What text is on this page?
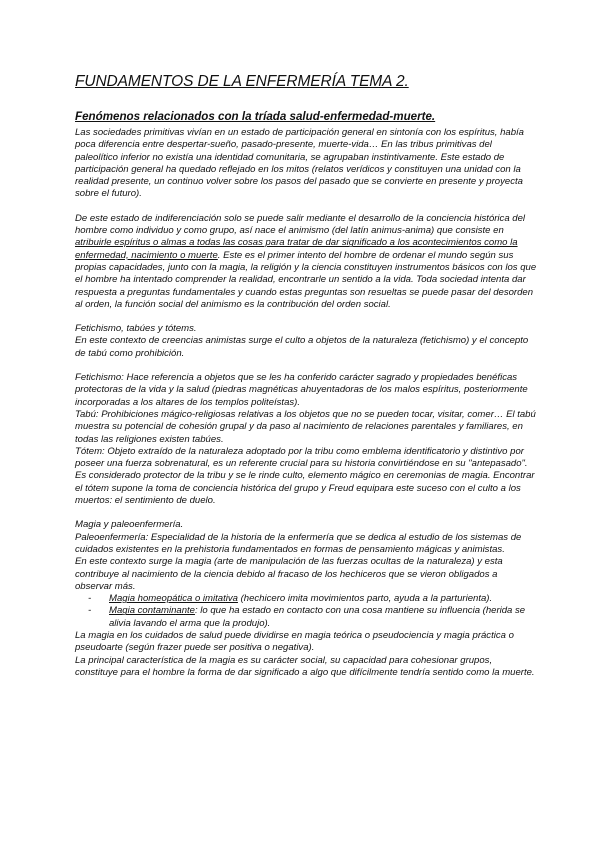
FUNDAMENTOS DE LA ENFERMERÍA TEMA 2.
Fenómenos relacionados con la tríada salud-enfermedad-muerte.

Las sociedades primitivas vivían en un estado de participación general en sintonía con los espíritus, había poca diferencia entre despertar-sueño, pasado-presente, muerte-vida… En las tribus primitivas del paleolítico inferior no existía una identidad comunitaria, se agrupaban instintivamente. Este estado de participación general ha quedado reflejado en los mitos (relatos verídicos y constituyen una unidad con la realidad presente, un continuo volver sobre los pasos del pasado que se convierte en presente y proyecta sobre el futuro).

De este estado de indiferenciación solo se puede salir mediante el desarrollo de la conciencia histórica del hombre como individuo y como grupo, así nace el animismo (del latín animus-anima) que consiste en atribuirle espíritus o almas a todas las cosas para tratar de dar significado a los acontecimientos como la enfermedad, nacimiento o muerte. Este es el primer intento del hombre de ordenar el mundo según sus propias capacidades, junto con la magia, la religión y la ciencia constituyen instrumentos básicos con los que el hombre ha intentado comprender la realidad, encontrarle un sentido a la vida. Toda sociedad intenta dar respuesta a preguntas fundamentales y cuando estas preguntas son resueltas se puede pasar del desorden al orden, la función social del animismo es la contribución del orden social.

Fetichismo, tabúes y tótems.

En este contexto de creencias animistas surge el culto a objetos de la naturaleza (fetichismo) y el concepto de tabú como prohibición.

Fetichismo: Hace referencia a objetos que se les ha conferido carácter sagrado y propiedades benéficas protectoras de la vida y la salud (piedras magnéticas ahuyentadoras de los malos espíritus, posteriormente incorporadas a los altares de los templos politeístas).

Tabú: Prohibiciones mágico-religiosas relativas a los objetos que no se pueden tocar, visitar, comer… El tabú muestra su potencial de cohesión grupal y da paso al nacimiento de relaciones parentales y familiares, en todas las religiones existen tabúes.

Tótem: Objeto extraído de la naturaleza adoptado por la tribu como emblema identificatorio y distintivo por poseer una fuerza sobrenatural, es un referente crucial para su historia convirtiéndose en su "antepasado". Es considerado protector de la tribu y se le rinde culto, elemento mágico en ceremonias de magia. Encontrar el tótem supone la toma de conciencia histórica del grupo y Freud equipara este suceso con el culto a los muertos: el sentimiento de duelo.

Magia y paleoenfermería.

Paleoenfermería: Especialidad de la historia de la enfermería que se dedica al estudio de los sistemas de cuidados existentes en la prehistoria fundamentados en formas de pensamiento mágicas y animistas.

En este contexto surge la magia (arte de manipulación de las fuerzas ocultas de la naturaleza) y esta contribuye al nacimiento de la ciencia debido al fracaso de los hechiceros que se vieron obligados a observar más.

- Magia homeopática o imitativa (hechicero imita movimientos parto, ayuda a la parturienta).
- Magia contaminante: lo que ha estado en contacto con una cosa mantiene su influencia (herida se alivia lavando el arma que la produjo).

La magia en los cuidados de salud puede dividirse en magia teórica o pseudociencia y magia práctica o pseudoarte (según frazer puede ser positiva o negativa).

La principal característica de la magia es su carácter social, su capacidad para cohesionar grupos, constituye para el hombre la forma de dar significado a algo que difícilmente tendría sentido como la muerte.
